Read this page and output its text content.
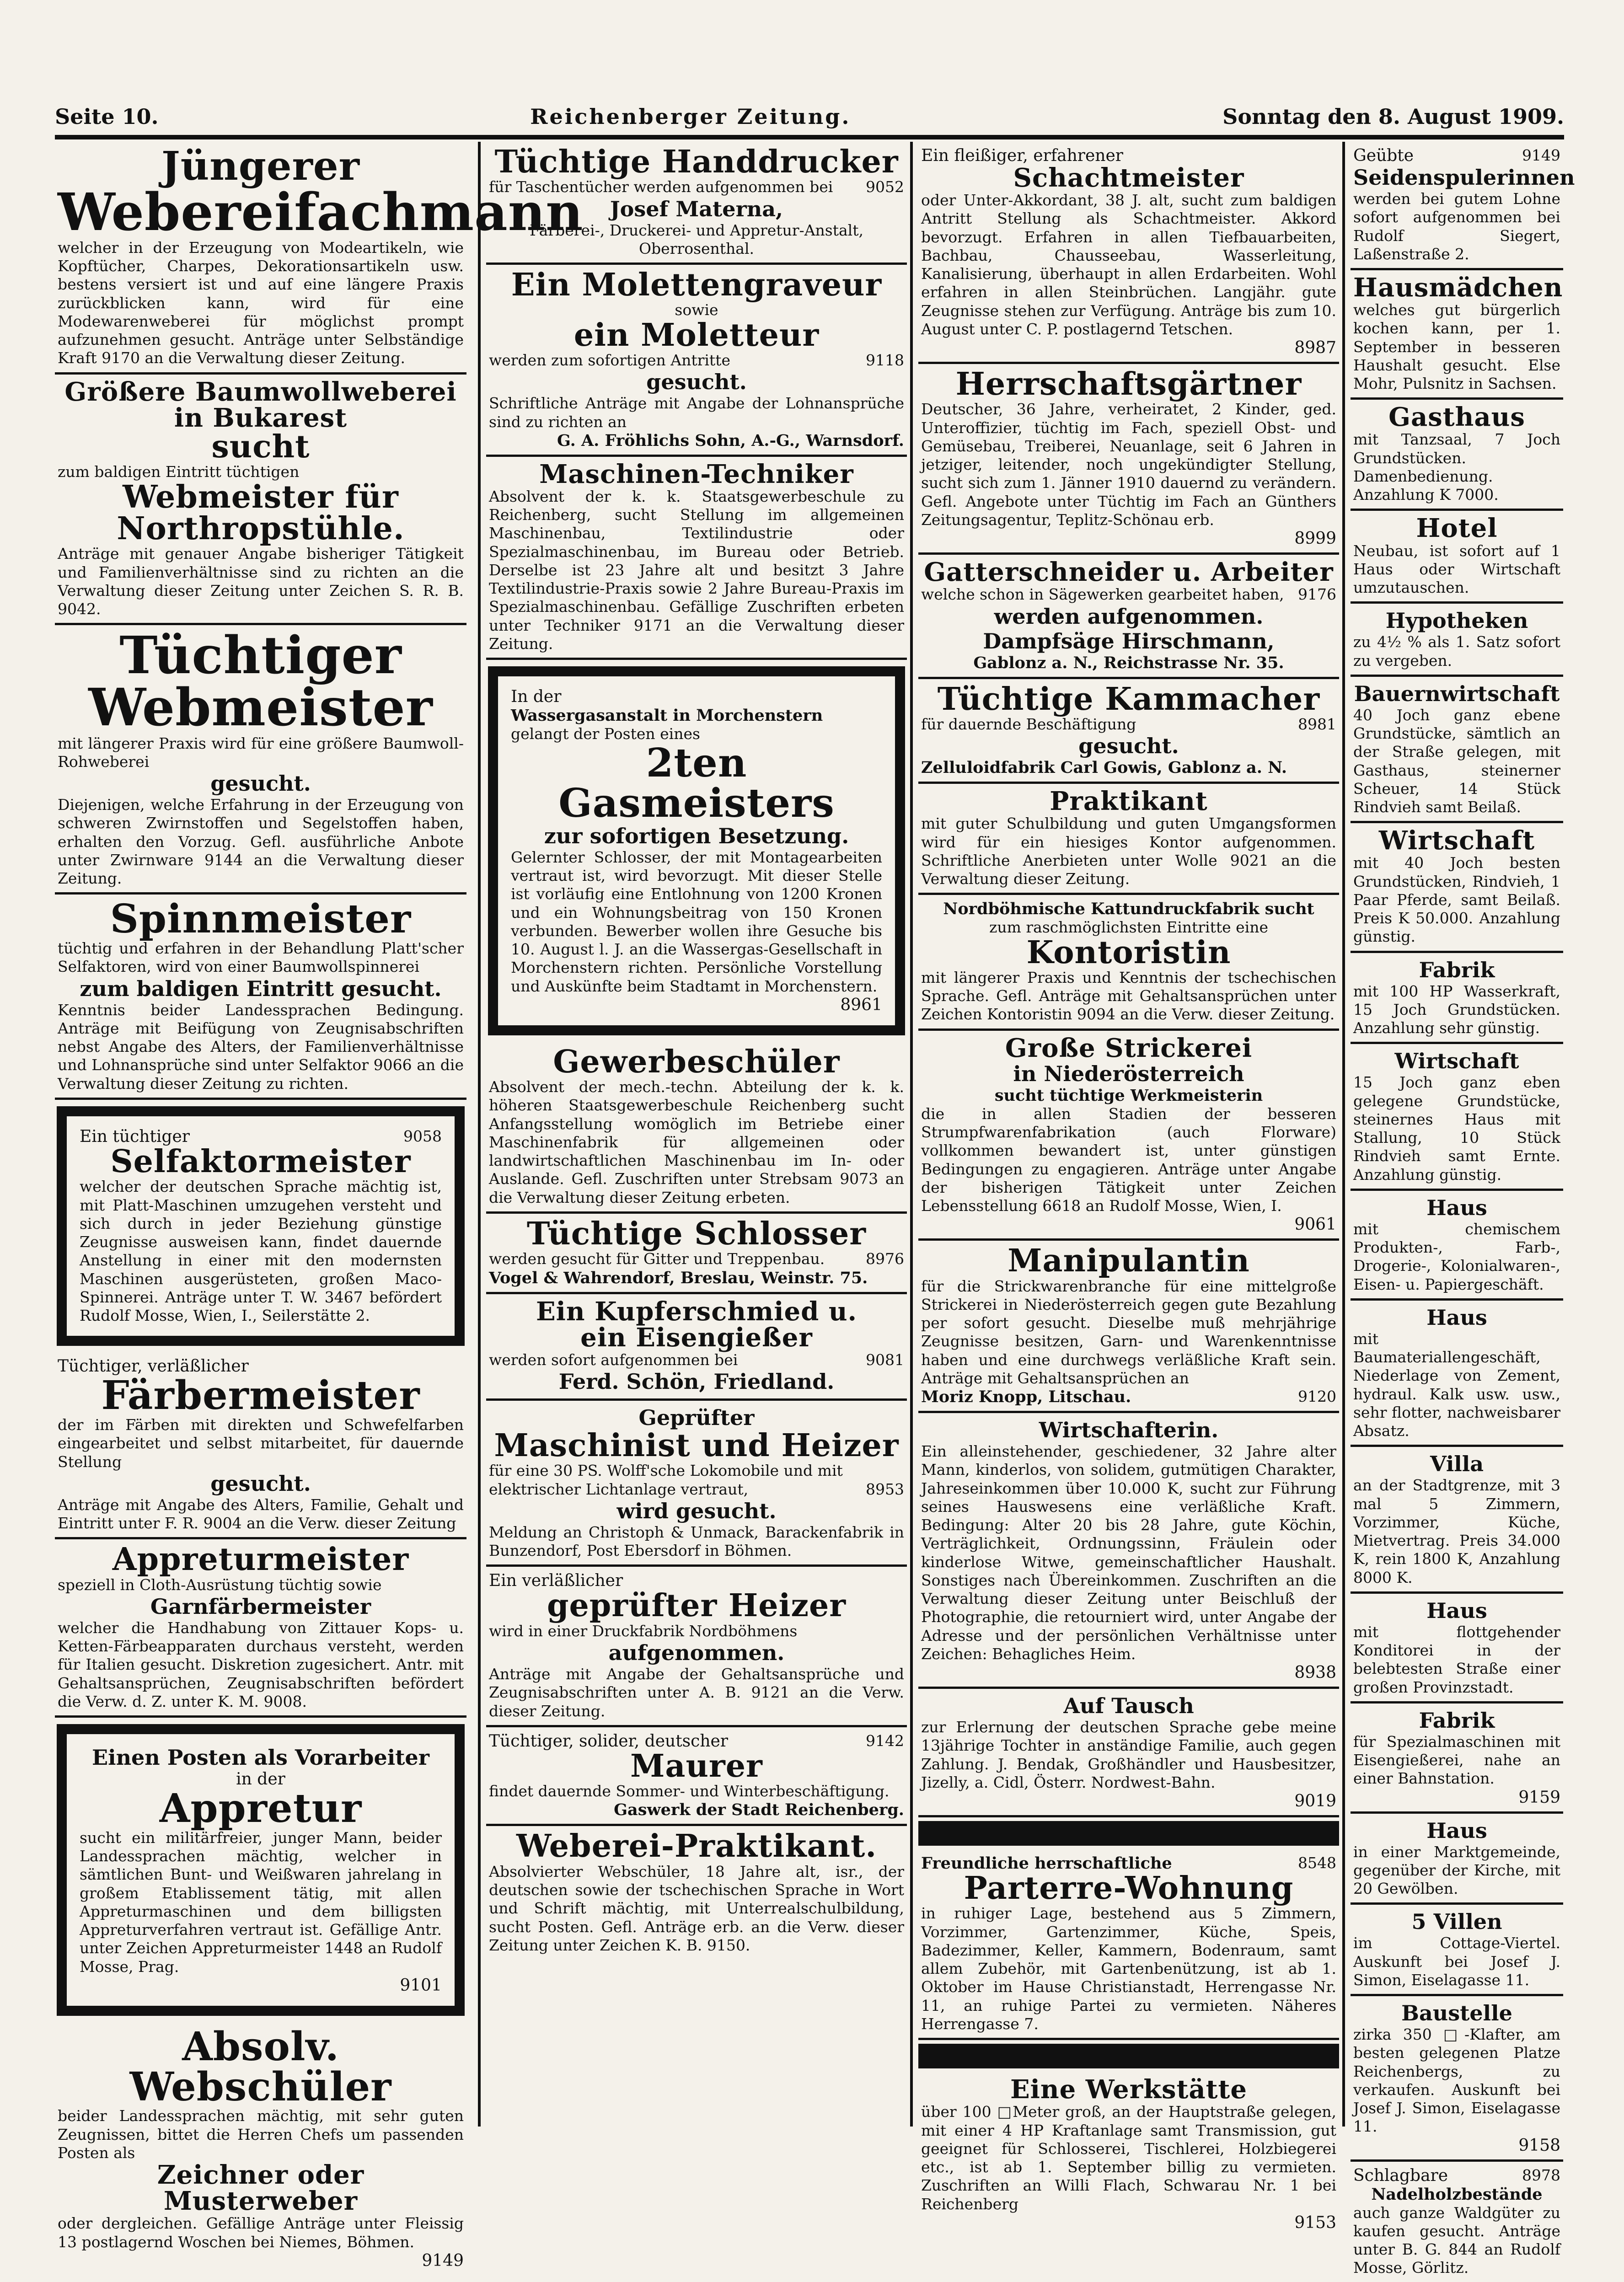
Seite 10.	Reichenberger Zeitung.	Sonntag den 8. August 1909.
Jüngerer
Webereifachmann
welcher in der Erzeugung von Modeartikeln, wie Kopftücher, Charpes, Dekorationsartikeln usw. bestens versiert ist und auf eine längere Praxis zurückblicken kann, wird für eine Modewarenweberei für möglichst prompt aufzunehmen gesucht. Anträge unter Selbständige Kraft 9170 an die Verwaltung dieser Zeitung.
Größere Baumwollweberei in Bukarest
sucht
zum baldigen Eintritt tüchtigen
Webmeister für Northropstühle.
Anträge mit genauer Angabe bisheriger Tätigkeit und Familienverhältnisse sind zu richten an die Verwaltung dieser Zeitung unter Zeichen S. R. B. 9042.
Tüchtiger Webmeister
mit längerer Praxis wird für eine größere Baumwoll-Rohweberei
gesucht.
Diejenigen, welche Erfahrung in der Erzeugung von schweren Zwirnstoffen und Segelstoffen haben, erhalten den Vorzug. Gefl. ausführliche Anbote unter Zwirnware 9144 an die Verwaltung dieser Zeitung.
Spinnmeister
tüchtig und erfahren in der Behandlung Platt'scher Selfaktoren, wird von einer Baumwollspinnerei
zum baldigen Eintritt gesucht.
Kenntnis beider Landessprachen Bedingung. Anträge mit Beifügung von Zeugnisabschriften nebst Angabe des Alters, der Familienverhältnisse und Lohnansprüche sind unter Selfaktor 9066 an die Verwaltung dieser Zeitung zu richten.
Ein tüchtiger	9058
Selfaktormeister
welcher der deutschen Sprache mächtig ist, mit Platt-Maschinen umzugehen versteht und sich durch in jeder Beziehung günstige Zeugnisse ausweisen kann, findet dauernde Anstellung in einer mit den modernsten Maschinen ausgerüsteten, großen Maco-Spinnerei. Anträge unter T. W. 3467 befördert Rudolf Mosse, Wien, I., Seilerstätte 2.
Tüchtiger, verläßlicher
Färbermeister
der im Färben mit direkten und Schwefelfarben eingearbeitet und selbst mitarbeitet, für dauernde Stellung
gesucht.
Anträge mit Angabe des Alters, Familie, Gehalt und Eintritt unter F. R. 9004 an die Verw. dieser Zeitung
Appreturmeister
speziell in Cloth-Ausrüstung tüchtig sowie
Garnfärbermeister
welcher die Handhabung von Zittauer Kops- u. Ketten-Färbeapparaten durchaus versteht, werden für Italien gesucht. Diskretion zugesichert. Antr. mit Gehaltsansprüchen, Zeugnisabschriften befördert die Verw. d. Z. unter K. M. 9008.
Einen Posten als Vorarbeiter
in der
Appretur
sucht ein militärfreier, junger Mann, beider Landessprachen mächtig, welcher in sämtlichen Bunt- und Weißwaren jahrelang in großem Etablissement tätig, mit allen Appreturmaschinen und dem billigsten Appreturverfahren vertraut ist. Gefällige Antr. unter Zeichen Appreturmeister 1448 an Rudolf Mosse, Prag.
9101
Absolv. Webschüler
beider Landessprachen mächtig, mit sehr guten Zeugnissen, bittet die Herren Chefs um passenden Posten als
Zeichner oder Musterweber
oder dergleichen. Gefällige Anträge unter Fleissig 13 postlagernd Woschen bei Niemes, Böhmen.
9149
Tüchtige Handdrucker
für Taschentücher werden aufgenommen bei 9052
Josef Materna,
Färberei-, Druckerei- und Appretur-Anstalt, Oberrosenthal.
Ein Molettengraveur
sowie
ein Moletteur
werden zum sofortigen Antritte	9118
gesucht.
Schriftliche Anträge mit Angabe der Lohnansprüche sind zu richten an
G. A. Fröhlichs Sohn, A.-G., Warnsdorf.
Maschinen-Techniker
Absolvent der k. k. Staatsgewerbeschule zu Reichenberg, sucht Stellung im allgemeinen Maschinenbau, Textilindustrie oder Spezialmaschinenbau, im Bureau oder Betrieb. Derselbe ist 23 Jahre alt und besitzt 3 Jahre Textilindustrie-Praxis sowie 2 Jahre Bureau-Praxis im Spezialmaschinenbau. Gefällige Zuschriften erbeten unter Techniker 9171 an die Verwaltung dieser Zeitung.
In der
Wassergasanstalt in Morchenstern
gelangt der Posten eines
2ten Gasmeisters
zur sofortigen Besetzung.
Gelernter Schlosser, der mit Montagearbeiten vertraut ist, wird bevorzugt. Mit dieser Stelle ist vorläufig eine Entlohnung von 1200 Kronen und ein Wohnungsbeitrag von 150 Kronen verbunden. Bewerber wollen ihre Gesuche bis 10. August l. J. an die Wassergas-Gesellschaft in Morchenstern richten. Persönliche Vorstellung und Auskünfte beim Stadtamt in Morchenstern.
8961
Gewerbeschüler
Absolvent der mech.-techn. Abteilung der k. k. höheren Staatsgewerbeschule Reichenberg sucht Anfangsstellung womöglich im Betriebe einer Maschinenfabrik für allgemeinen oder landwirtschaftlichen Maschinenbau im In- oder Auslande. Gefl. Zuschriften unter Strebsam 9073 an die Verwaltung dieser Zeitung erbeten.
Tüchtige Schlosser
werden gesucht für Gitter und Treppenbau.	8976
Vogel & Wahrendorf, Breslau, Weinstr. 75.
Ein Kupferschmied u.
ein Eisengießer
werden sofort aufgenommen bei	9081
Ferd. Schön, Friedland.
Geprüfter
Maschinist und Heizer
für eine 30 PS. Wolff'sche Lokomobile und mit elektrischer Lichtanlage vertraut,	8953
wird gesucht.
Meldung an Christoph & Unmack, Barackenfabrik in Bunzendorf, Post Ebersdorf in Böhmen.
Ein verläßlicher
geprüfter Heizer
wird in einer Druckfabrik Nordböhmens
aufgenommen.
Anträge mit Angabe der Gehaltsansprüche und Zeugnisabschriften unter A. B. 9121 an die Verw. dieser Zeitung.
Tüchtiger, solider, deutscher	9142
Maurer
findet dauernde Sommer- und Winterbeschäftigung.
Gaswerk der Stadt Reichenberg.
Weberei-Praktikant.
Absolvierter Webschüler, 18 Jahre alt, isr., der deutschen sowie der tschechischen Sprache in Wort und Schrift mächtig, mit Unterrealschulbildung, sucht Posten. Gefl. Anträge erb. an die Verw. dieser Zeitung unter Zeichen K. B. 9150.
Ein fleißiger, erfahrener
Schachtmeister
oder Unter-Akkordant, 38 J. alt, sucht zum baldigen Antritt Stellung als Schachtmeister. Akkord bevorzugt. Erfahren in allen Tiefbauarbeiten, Bachbau, Chausseebau, Wasserleitung, Kanalisierung, überhaupt in allen Erdarbeiten. Wohl erfahren in allen Steinbrüchen. Langjähr. gute Zeugnisse stehen zur Verfügung. Anträge bis zum 10. August unter C. P. postlagernd Tetschen.
8987
Herrschaftsgärtner
Deutscher, 36 Jahre, verheiratet, 2 Kinder, ged. Unteroffizier, tüchtig im Fach, speziell Obst- und Gemüsebau, Treiberei, Neuanlage, seit 6 Jahren in jetziger, leitender, noch ungekündigter Stellung, sucht sich zum 1. Jänner 1910 dauernd zu verändern. Gefl. Angebote unter Tüchtig im Fach an Günthers Zeitungsagentur, Teplitz-Schönau erb.
8999
Gatterschneider u. Arbeiter
welche schon in Sägewerken gearbeitet haben, 9176
werden aufgenommen.
Dampfsäge Hirschmann,
Gablonz a. N., Reichstrasse Nr. 35.
Tüchtige Kammacher
für dauernde Beschäftigung	8981
gesucht.
Zelluloidfabrik Carl Gowis, Gablonz a. N.
Praktikant
mit guter Schulbildung und guten Umgangsformen wird für ein hiesiges Kontor aufgenommen. Schriftliche Anerbieten unter Wolle 9021 an die Verwaltung dieser Zeitung.
Nordböhmische Kattundruckfabrik sucht
zum raschmöglichsten Eintritte eine
Kontoristin
mit längerer Praxis und Kenntnis der tschechischen Sprache. Gefl. Anträge mit Gehaltsansprüchen unter Zeichen Kontoristin 9094 an die Verw. dieser Zeitung.
Große Strickerei
in Niederösterreich
sucht tüchtige Werkmeisterin
die in allen Stadien der besseren Strumpfwarenfabrikation (auch Florware) vollkommen bewandert ist, unter günstigen Bedingungen zu engagieren. Anträge unter Angabe der bisherigen Tätigkeit unter Zeichen Lebensstellung 6618 an Rudolf Mosse, Wien, I.
9061
Manipulantin
für die Strickwarenbranche für eine mittelgroße Strickerei in Niederösterreich gegen gute Bezahlung per sofort gesucht. Dieselbe muß mehrjährige Zeugnisse besitzen, Garn- und Warenkenntnisse haben und eine durchwegs verläßliche Kraft sein. Anträge mit Gehaltsansprüchen an
Moriz Knopp, Litschau.	9120
Wirtschafterin.
Ein alleinstehender, geschiedener, 32 Jahre alter Mann, kinderlos, von solidem, gutmütigen Charakter, Jahreseinkommen über 10.000 K, sucht zur Führung seines Hauswesens eine verläßliche Kraft. Bedingung: Alter 20 bis 28 Jahre, gute Köchin, Verträglichkeit, Ordnungssinn, Fräulein oder kinderlose Witwe, gemeinschaftlicher Haushalt. Sonstiges nach Übereinkommen. Zuschriften an die Verwaltung dieser Zeitung unter Beischluß der Photographie, die retourniert wird, unter Angabe der Adresse und der persönlichen Verhältnisse unter Zeichen: Behagliches Heim.
8938
Auf Tausch
zur Erlernung der deutschen Sprache gebe meine 13jährige Tochter in anständige Familie, auch gegen Zahlung. J. Bendak, Großhändler und Hausbesitzer, Jizelly, a. Cidl, Österr. Nordwest-Bahn.
9019
Freundliche herrschaftliche	8548
Parterre-Wohnung
in ruhiger Lage, bestehend aus 5 Zimmern, Vorzimmer, Gartenzimmer, Küche, Speis, Badezimmer, Keller, Kammern, Bodenraum, samt allem Zubehör, mit Gartenbenützung, ist ab 1. Oktober im Hause Christianstadt, Herrengasse Nr. 11, an ruhige Partei zu vermieten. Näheres Herrengasse 7.
Eine Werkstätte
über 100 □Meter groß, an der Hauptstraße gelegen, mit einer 4 HP Kraftanlage samt Transmission, gut geeignet für Schlosserei, Tischlerei, Holzbiegerei etc., ist ab 1. September billig zu vermieten. Zuschriften an Willi Flach, Schwarau Nr. 1 bei Reichenberg
9153
Geübte	9149
Seidenspulerinnen
werden bei gutem Lohne sofort aufgenommen bei Rudolf Siegert, Laßenstraße 2.
Hausmädchen
welches gut bürgerlich kochen kann, per 1. September in besseren Haushalt gesucht. Else Mohr, Pulsnitz in Sachsen.
Gasthaus
mit Tanzsaal, 7 Joch Grundstücken. Damenbedienung. Anzahlung K 7000.
Hotel
Neubau, ist sofort auf 1 Haus oder Wirtschaft umzutauschen.
Hypotheken
zu 4½ % als 1. Satz sofort zu vergeben.
Bauernwirtschaft
40 Joch ganz ebene Grundstücke, sämtlich an der Straße gelegen, mit Gasthaus, steinerner Scheuer, 14 Stück Rindvieh samt Beilaß.
Wirtschaft
mit 40 Joch besten Grundstücken, Rindvieh, 1 Paar Pferde, samt Beilaß. Preis K 50.000. Anzahlung günstig.
Fabrik
mit 100 HP Wasserkraft, 15 Joch Grundstücken. Anzahlung sehr günstig.
Wirtschaft
15 Joch ganz eben gelegene Grundstücke, steinernes Haus mit Stallung, 10 Stück Rindvieh samt Ernte. Anzahlung günstig.
Haus
mit chemischem Produkten-, Farb-, Drogerie-, Kolonialwaren-, Eisen- u. Papiergeschäft.
Haus
mit Baumateriallengeschäft, Niederlage von Zement, hydraul. Kalk usw. usw., sehr flotter, nachweisbarer Absatz.
Villa
an der Stadtgrenze, mit 3 mal 5 Zimmern, Vorzimmer, Küche, Mietvertrag. Preis 34.000 K, rein 1800 K, Anzahlung 8000 K.
Haus
mit flottgehender Konditorei in der belebtesten Straße einer großen Provinzstadt.
Fabrik
für Spezialmaschinen mit Eisengießerei, nahe an einer Bahnstation.
9159
Haus
in einer Marktgemeinde, gegenüber der Kirche, mit 20 Gewölben.
5 Villen
im Cottage-Viertel. Auskunft bei Josef J. Simon, Eiselagasse 11.
Baustelle
zirka 350 □-Klafter, am besten gelegenen Platze Reichenbergs, zu verkaufen. Auskunft bei Josef J. Simon, Eiselagasse 11.
9158
Schlagbare	8978
Nadelholzbestände
auch ganze Waldgüter zu kaufen gesucht. Anträge unter B. G. 844 an Rudolf Mosse, Görlitz.
